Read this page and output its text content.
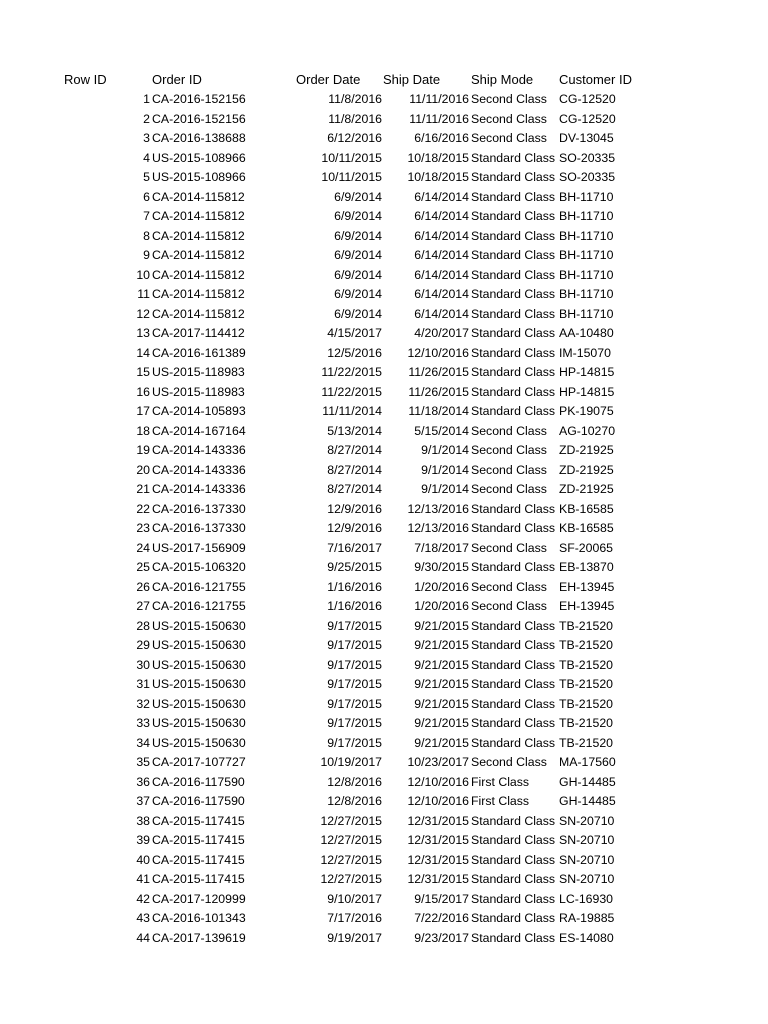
Row ID	Order ID	Order Date	Ship Date	Ship Mode	Customer ID
1 CA-2016-152156	11/8/2016	11/11/2016 Second Class CG-12520
2 CA-2016-152156	11/8/2016	11/11/2016 Second Class CG-12520
3 CA-2016-138688	6/12/2016	6/16/2016 Second Class DV-13045
4 US-2015-108966	10/11/2015	10/18/2015 Standard Class SO-20335
5 US-2015-108966	10/11/2015	10/18/2015 Standard Class SO-20335
6 CA-2014-115812	6/9/2014	6/14/2014 Standard Class BH-11710
7 CA-2014-115812	6/9/2014	6/14/2014 Standard Class BH-11710
8 CA-2014-115812	6/9/2014	6/14/2014 Standard Class BH-11710
9 CA-2014-115812	6/9/2014	6/14/2014 Standard Class BH-11710
10 CA-2014-115812	6/9/2014	6/14/2014 Standard Class BH-11710
11 CA-2014-115812	6/9/2014	6/14/2014 Standard Class BH-11710
12 CA-2014-115812	6/9/2014	6/14/2014 Standard Class BH-11710
13 CA-2017-114412	4/15/2017	4/20/2017 Standard Class AA-10480
14 CA-2016-161389	12/5/2016	12/10/2016 Standard Class IM-15070
15 US-2015-118983	11/22/2015	11/26/2015 Standard Class HP-14815
16 US-2015-118983	11/22/2015	11/26/2015 Standard Class HP-14815
17 CA-2014-105893	11/11/2014	11/18/2014 Standard Class PK-19075
18 CA-2014-167164	5/13/2014	5/15/2014 Second Class AG-10270
19 CA-2014-143336	8/27/2014	9/1/2014 Second Class ZD-21925
20 CA-2014-143336	8/27/2014	9/1/2014 Second Class ZD-21925
21 CA-2014-143336	8/27/2014	9/1/2014 Second Class ZD-21925
22 CA-2016-137330	12/9/2016	12/13/2016 Standard Class KB-16585
23 CA-2016-137330	12/9/2016	12/13/2016 Standard Class KB-16585
24 US-2017-156909	7/16/2017	7/18/2017 Second Class SF-20065
25 CA-2015-106320	9/25/2015	9/30/2015 Standard Class EB-13870
26 CA-2016-121755	1/16/2016	1/20/2016 Second Class EH-13945
27 CA-2016-121755	1/16/2016	1/20/2016 Second Class EH-13945
28 US-2015-150630	9/17/2015	9/21/2015 Standard Class TB-21520
29 US-2015-150630	9/17/2015	9/21/2015 Standard Class TB-21520
30 US-2015-150630	9/17/2015	9/21/2015 Standard Class TB-21520
31 US-2015-150630	9/17/2015	9/21/2015 Standard Class TB-21520
32 US-2015-150630	9/17/2015	9/21/2015 Standard Class TB-21520
33 US-2015-150630	9/17/2015	9/21/2015 Standard Class TB-21520
34 US-2015-150630	9/17/2015	9/21/2015 Standard Class TB-21520
35 CA-2017-107727	10/19/2017	10/23/2017 Second Class MA-17560
36 CA-2016-117590	12/8/2016	12/10/2016 First Class	GH-14485
37 CA-2016-117590	12/8/2016	12/10/2016 First Class	GH-14485
38 CA-2015-117415	12/27/2015	12/31/2015 Standard Class SN-20710
39 CA-2015-117415	12/27/2015	12/31/2015 Standard Class SN-20710
40 CA-2015-117415	12/27/2015	12/31/2015 Standard Class SN-20710
41 CA-2015-117415	12/27/2015	12/31/2015 Standard Class SN-20710
42 CA-2017-120999	9/10/2017	9/15/2017 Standard Class LC-16930
43 CA-2016-101343	7/17/2016	7/22/2016 Standard Class RA-19885
44 CA-2017-139619	9/19/2017	9/23/2017 Standard Class ES-14080
